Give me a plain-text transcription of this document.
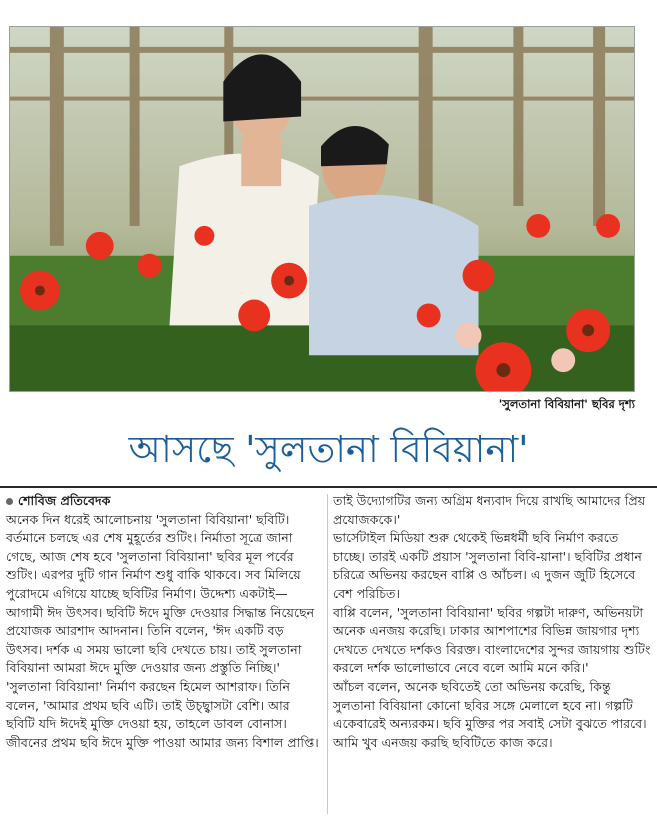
'সুলতানা বিবিয়ানা' ছবির দৃশ্য
আসছে 'সুলতানা বিবিয়ানা'
শোবিজ প্রতিবেদক

অনেক দিন ধরেই আলোচনায় 'সুলতানা বিবিয়ানা' ছবিটি। বর্তমানে চলছে এর শেষ মুহূর্তের শুটিং। নির্মাতা সূত্রে জানা গেছে, আজ শেষ হবে 'সুলতানা বিবিয়ানা' ছবির মূল পর্বের শুটিং। এরপর দুটি গান নির্মাণ শুধু বাকি থাকবে। সব মিলিয়ে পুরোদমে এগিয়ে যাচ্ছে ছবিটির নির্মাণ। উদ্দেশ্য একটাই—আগামী ঈদ উৎসব। ছবিটি ঈদে মুক্তি দেওয়ার সিদ্ধান্ত নিয়েছেন প্রযোজক আরশাদ আদনান। তিনি বলেন, 'ঈদ একটি বড় উৎসব। দর্শক এ সময় ভালো ছবি দেখতে চায়। তাই সুলতানা বিবিয়ানা আমরা ঈদে মুক্তি দেওয়ার জন্য প্রস্তুতি নিচ্ছি।'

'সুলতানা বিবিয়ানা' নির্মাণ করছেন হিমেল আশরাফ। তিনি বলেন, 'আমার প্রথম ছবি এটি। তাই উচ্ছ্বাসটা বেশি। আর ছবিটি যদি ঈদেই মুক্তি দেওয়া হয়, তাহলে ডাবল বোনাস। জীবনের প্রথম ছবি ঈদে মুক্তি পাওয়া আমার জন্য বিশাল প্রাপ্তি।

তাই উদ্যোগটির জন্য অগ্রিম ধন্যবাদ দিয়ে রাখছি আমাদের প্রিয় প্রযোজককে।'

ভার্সেটাইল মিডিয়া শুরু থেকেই ভিন্নধর্মী ছবি নির্মাণ করতে চাচ্ছে। তারই একটি প্রয়াস 'সুলতানা বিবি-য়ানা'। ছবিটির প্রধান চরিত্রে অভিনয় করছেন বাপ্পি ও আঁচল। এ দুজন জুটি হিসেবে বেশ পরিচিত।

বাপ্পি বলেন, 'সুলতানা বিবিয়ানা' ছবির গল্পটা দারুণ, অভিনয়টা অনেক এনজয় করেছি। ঢাকার আশপাশের বিভিন্ন জায়গার দৃশ্য দেখতে দেখতে দর্শকও বিরক্ত। বাংলাদেশের সুন্দর জায়গায় শুটিং করলে দর্শক ভালোভাবে নেবে বলে আমি মনে করি।'

আঁচল বলেন, অনেক ছবিতেই তো অভিনয় করেছি, কিন্তু সুলতানা বিবিয়ানা কোনো ছবির সঙ্গে মেলালে হবে না। গল্পটি একেবারেই অন্যরকম। ছবি মুক্তির পর সবাই সেটা বুঝতে পারবে। আমি খুব এনজয় করছি ছবিটিতে কাজ করে।
